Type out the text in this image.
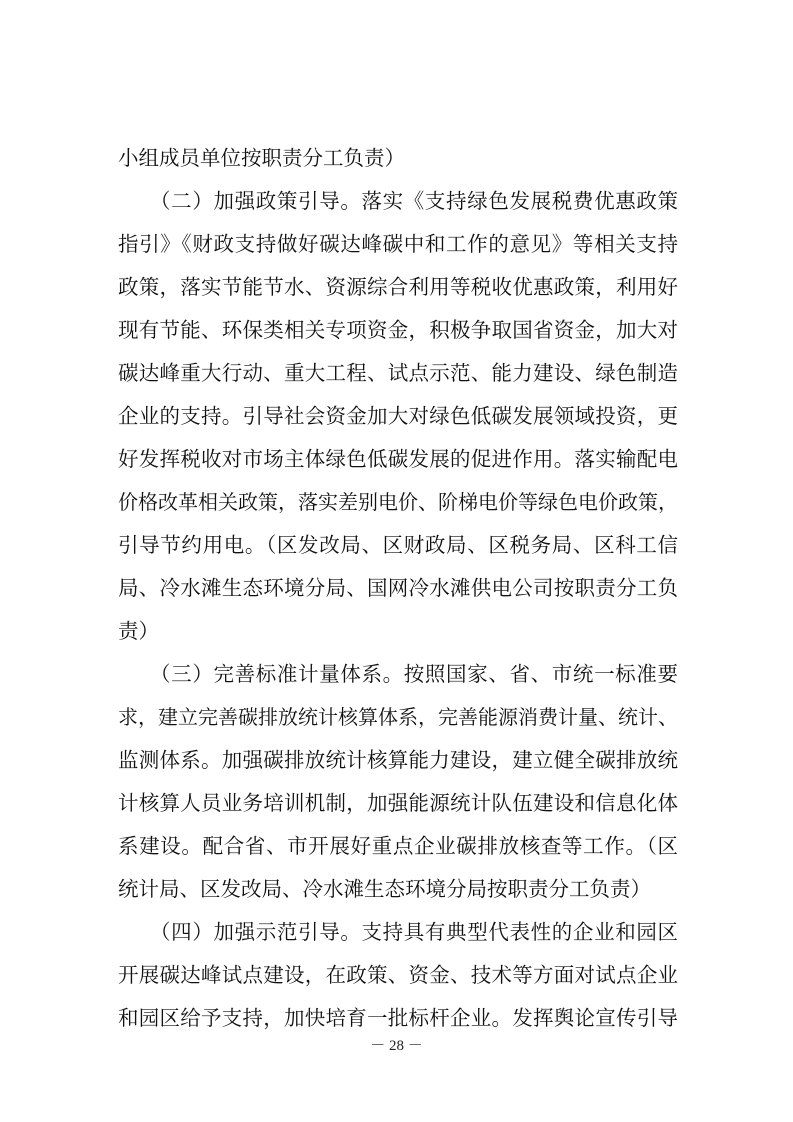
小组成员单位按职责分工负责）
　　（二）加强政策引导。落实《支持绿色发展税费优惠政策
指引》《财政支持做好碳达峰碳中和工作的意见》等相关支持
政策，落实节能节水、资源综合利用等税收优惠政策，利用好
现有节能、环保类相关专项资金，积极争取国省资金，加大对
碳达峰重大行动、重大工程、试点示范、能力建设、绿色制造
企业的支持。引导社会资金加大对绿色低碳发展领域投资，更
好发挥税收对市场主体绿色低碳发展的促进作用。落实输配电
价格改革相关政策，落实差别电价、阶梯电价等绿色电价政策，
引导节约用电。（区发改局、区财政局、区税务局、区科工信
局、冷水滩生态环境分局、国网冷水滩供电公司按职责分工负
责）
　　（三）完善标准计量体系。按照国家、省、市统一标准要
求，建立完善碳排放统计核算体系，完善能源消费计量、统计、
监测体系。加强碳排放统计核算能力建设，建立健全碳排放统
计核算人员业务培训机制，加强能源统计队伍建设和信息化体
系建设。配合省、市开展好重点企业碳排放核查等工作。（区
统计局、区发改局、冷水滩生态环境分局按职责分工负责）
　　（四）加强示范引导。支持具有典型代表性的企业和园区
开展碳达峰试点建设，在政策、资金、技术等方面对试点企业
和园区给予支持，加快培育一批标杆企业。发挥舆论宣传引导
－ 28 －
